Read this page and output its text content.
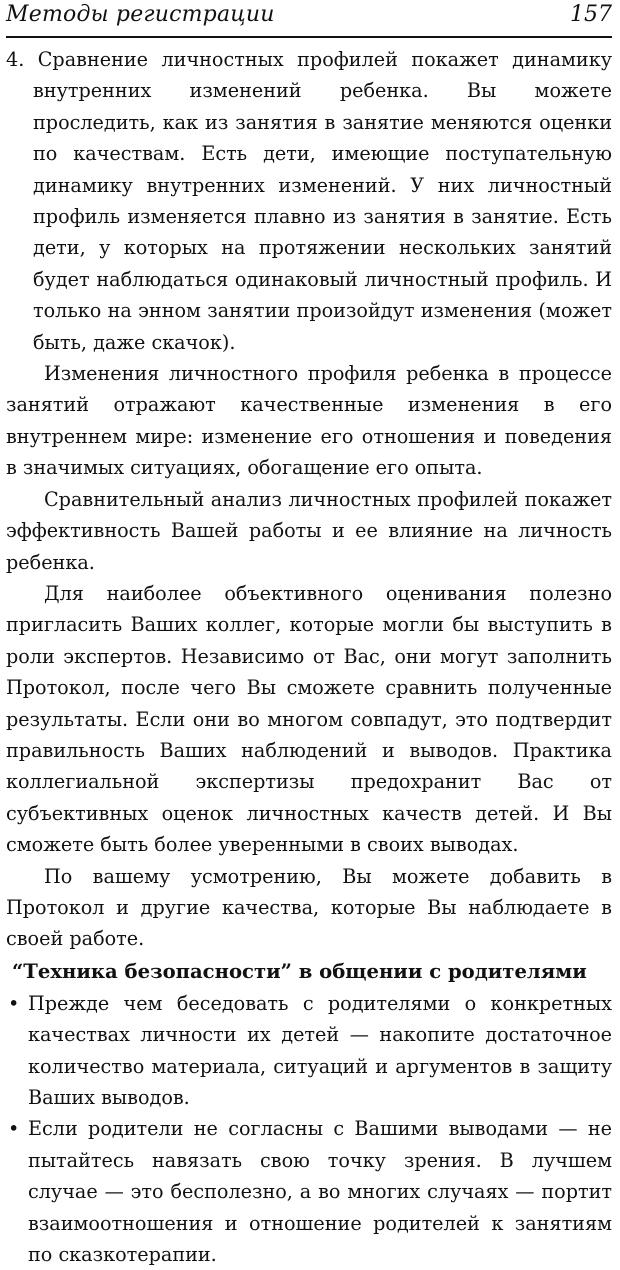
Методы регистрации	157

4. Сравнение личностных профилей покажет динамику внутренних изменений ребенка. Вы можете проследить, как из занятия в занятие меняются оценки по качествам. Есть дети, имеющие поступательную динамику внутренних изменений. У них личностный профиль изменяется плавно из занятия в занятие. Есть дети, у которых на протяжении нескольких занятий будет наблюдаться одинаковый личностный профиль. И только на энном занятии произойдут изменения (может быть, даже скачок).

Изменения личностного профиля ребенка в процессе занятий отражают качественные изменения в его внутреннем мире: изменение его отношения и поведения в значимых ситуациях, обогащение его опыта.

Сравнительный анализ личностных профилей покажет эффективность Вашей работы и ее влияние на личность ребенка.

Для наиболее объективного оценивания полезно пригласить Ваших коллег, которые могли бы выступить в роли экспертов. Независимо от Вас, они могут заполнить Протокол, после чего Вы сможете сравнить полученные результаты. Если они во многом совпадут, это подтвердит правильность Ваших наблюдений и выводов. Практика коллегиальной экспертизы предохранит Вас от субъективных оценок личностных качеств детей. И Вы сможете быть более уверенными в своих выводах.

По вашему усмотрению, Вы можете добавить в Протокол и другие качества, которые Вы наблюдаете в своей работе.

“Техника безопасности” в общении с родителями

• Прежде чем беседовать с родителями о конкретных качествах личности их детей — накопите достаточное количество материала, ситуаций и аргументов в защиту Ваших выводов.
• Если родители не согласны с Вашими выводами — не пытайтесь навязать свою точку зрения. В лучшем случае — это бесполезно, а во многих случаях — портит взаимоотношения и отношение родителей к занятиям по сказкотерапии.
